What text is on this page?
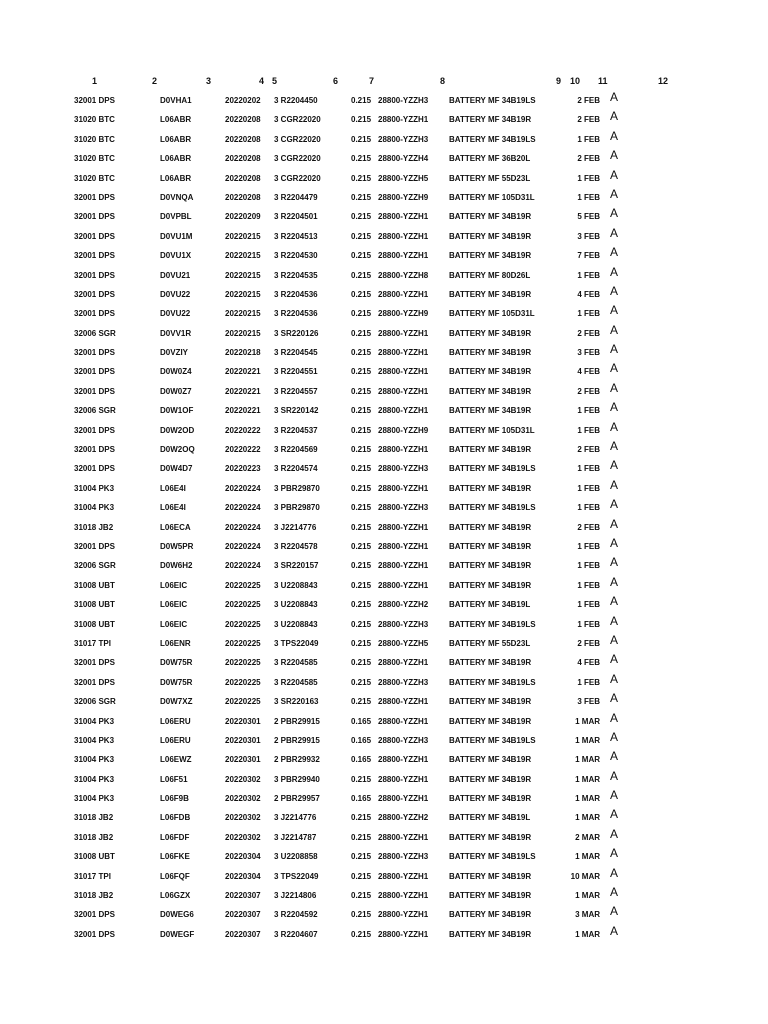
1	2	3	4 5	6	7	8	9 10 11	12
32001 DPS	D0VHA1	20220202 3 R2204450	0.215 28800-YZZH3	BATTERY MF 34B19LS	2 FEB A
31020 BTC	L06ABR	20220208 3 CGR22020	0.215 28800-YZZH1	BATTERY MF 34B19R	2 FEB A
31020 BTC	L06ABR	20220208 3 CGR22020	0.215 28800-YZZH3	BATTERY MF 34B19LS	1 FEB A
31020 BTC	L06ABR	20220208 3 CGR22020	0.215 28800-YZZH4	BATTERY MF 36B20L	2 FEB A
31020 BTC	L06ABR	20220208 3 CGR22020	0.215 28800-YZZH5	BATTERY MF 55D23L	1 FEB A
32001 DPS	D0VNQA	20220208 3 R2204479	0.215 28800-YZZH9	BATTERY MF 105D31L	1 FEB A
32001 DPS	D0VPBL	20220209 3 R2204501	0.215 28800-YZZH1	BATTERY MF 34B19R	5 FEB A
32001 DPS	D0VU1M	20220215 3 R2204513	0.215 28800-YZZH1	BATTERY MF 34B19R	3 FEB A
32001 DPS	D0VU1X	20220215 3 R2204530	0.215 28800-YZZH1	BATTERY MF 34B19R	7 FEB A
32001 DPS	D0VU21	20220215 3 R2204535	0.215 28800-YZZH8	BATTERY MF 80D26L	1 FEB A
32001 DPS	D0VU22	20220215 3 R2204536	0.215 28800-YZZH1	BATTERY MF 34B19R	4 FEB A
32001 DPS	D0VU22	20220215 3 R2204536	0.215 28800-YZZH9	BATTERY MF 105D31L	1 FEB A
32006 SGR	D0VV1R	20220215 3 SR220126	0.215 28800-YZZH1	BATTERY MF 34B19R	2 FEB A
32001 DPS	D0VZIY	20220218 3 R2204545	0.215 28800-YZZH1	BATTERY MF 34B19R	3 FEB A
32001 DPS	D0W0Z4	20220221 3 R2204551	0.215 28800-YZZH1	BATTERY MF 34B19R	4 FEB A
32001 DPS	D0W0Z7	20220221 3 R2204557	0.215 28800-YZZH1	BATTERY MF 34B19R	2 FEB A
32006 SGR	D0W1OF	20220221 3 SR220142	0.215 28800-YZZH1	BATTERY MF 34B19R	1 FEB A
32001 DPS	D0W2OD	20220222 3 R2204537	0.215 28800-YZZH9	BATTERY MF 105D31L	1 FEB A
32001 DPS	D0W2OQ	20220222 3 R2204569	0.215 28800-YZZH1	BATTERY MF 34B19R	2 FEB A
32001 DPS	D0W4D7	20220223 3 R2204574	0.215 28800-YZZH3	BATTERY MF 34B19LS	1 FEB A
31004 PK3	L06E4I	20220224 3 PBR29870	0.215 28800-YZZH1	BATTERY MF 34B19R	1 FEB A
31004 PK3	L06E4I	20220224 3 PBR29870	0.215 28800-YZZH3	BATTERY MF 34B19LS	1 FEB A
31018 JB2	L06ECA	20220224 3 J2214776	0.215 28800-YZZH1	BATTERY MF 34B19R	2 FEB A
32001 DPS	D0W5PR	20220224 3 R2204578	0.215 28800-YZZH1	BATTERY MF 34B19R	1 FEB A
32006 SGR	D0W6H2	20220224 3 SR220157	0.215 28800-YZZH1	BATTERY MF 34B19R	1 FEB A
31008 UBT	L06EIC	20220225 3 U2208843	0.215 28800-YZZH1	BATTERY MF 34B19R	1 FEB A
31008 UBT	L06EIC	20220225 3 U2208843	0.215 28800-YZZH2	BATTERY MF 34B19L	1 FEB A
31008 UBT	L06EIC	20220225 3 U2208843	0.215 28800-YZZH3	BATTERY MF 34B19LS	1 FEB A
31017 TPI	L06ENR	20220225 3 TPS22049	0.215 28800-YZZH5	BATTERY MF 55D23L	2 FEB A
32001 DPS	D0W75R	20220225 3 R2204585	0.215 28800-YZZH1	BATTERY MF 34B19R	4 FEB A
32001 DPS	D0W75R	20220225 3 R2204585	0.215 28800-YZZH3	BATTERY MF 34B19LS	1 FEB A
32006 SGR	D0W7XZ	20220225 3 SR220163	0.215 28800-YZZH1	BATTERY MF 34B19R	3 FEB A
31004 PK3	L06ERU	20220301 2 PBR29915	0.165 28800-YZZH1	BATTERY MF 34B19R	1 MAR A
31004 PK3	L06ERU	20220301 2 PBR29915	0.165 28800-YZZH3	BATTERY MF 34B19LS	1 MAR A
31004 PK3	L06EWZ	20220301 2 PBR29932	0.165 28800-YZZH1	BATTERY MF 34B19R	1 MAR A
31004 PK3	L06F51	20220302 3 PBR29940	0.215 28800-YZZH1	BATTERY MF 34B19R	1 MAR A
31004 PK3	L06F9B	20220302 2 PBR29957	0.165 28800-YZZH1	BATTERY MF 34B19R	1 MAR A
31018 JB2	L06FDB	20220302 3 J2214776	0.215 28800-YZZH2	BATTERY MF 34B19L	1 MAR A
31018 JB2	L06FDF	20220302 3 J2214787	0.215 28800-YZZH1	BATTERY MF 34B19R	2 MAR A
31008 UBT	L06FKE	20220304 3 U2208858	0.215 28800-YZZH3	BATTERY MF 34B19LS	1 MAR A
31017 TPI	L06FQF	20220304 3 TPS22049	0.215 28800-YZZH1	BATTERY MF 34B19R	10 MAR A
31018 JB2	L06GZX	20220307 3 J2214806	0.215 28800-YZZH1	BATTERY MF 34B19R	1 MAR A
32001 DPS	D0WEG6	20220307 3 R2204592	0.215 28800-YZZH1	BATTERY MF 34B19R	3 MAR A
32001 DPS	D0WEGF	20220307 3 R2204607	0.215 28800-YZZH1	BATTERY MF 34B19R	1 MAR A
